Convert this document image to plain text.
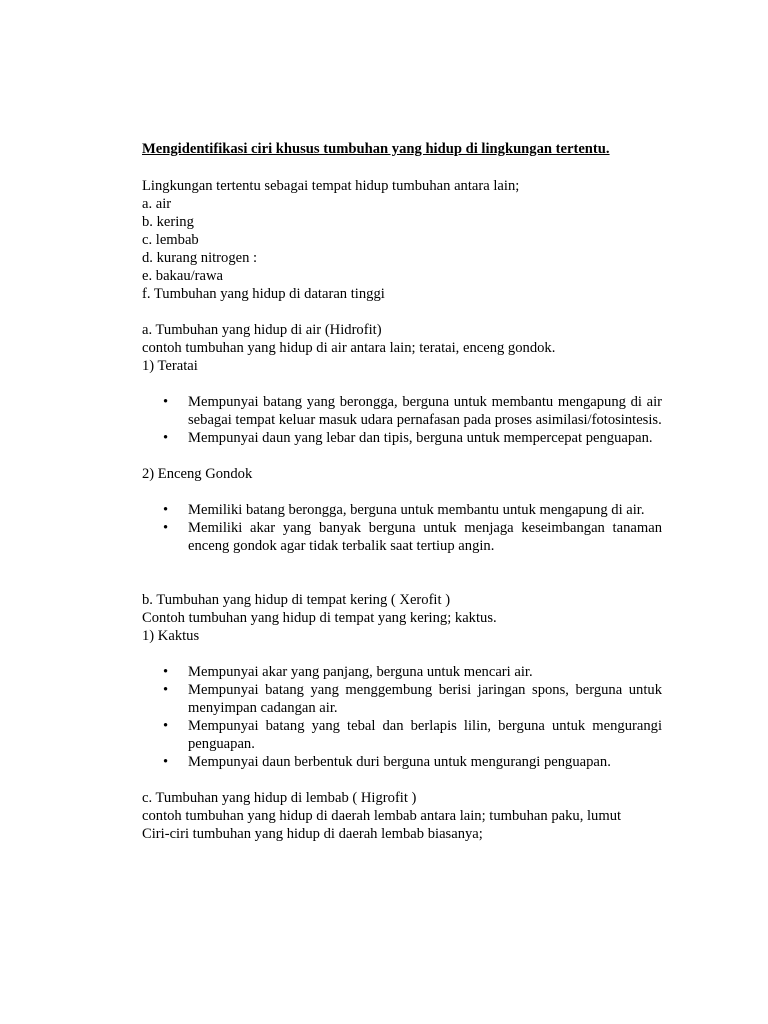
Mengidentifikasi ciri khusus tumbuhan yang hidup di lingkungan tertentu.
Lingkungan tertentu sebagai tempat hidup tumbuhan antara lain;
a. air
b. kering
c. lembab
d. kurang nitrogen :
e. bakau/rawa
f. Tumbuhan yang hidup di dataran tinggi
a. Tumbuhan yang hidup di air (Hidrofit)
contoh tumbuhan yang hidup di air antara lain; teratai, enceng gondok.
1) Teratai
• Mempunyai batang yang berongga, berguna untuk membantu mengapung di air sebagai tempat keluar masuk udara pernafasan pada proses asimilasi/fotosintesis.
• Mempunyai daun yang lebar dan tipis, berguna untuk mempercepat penguapan.
2) Enceng Gondok
• Memiliki batang berongga, berguna untuk membantu untuk mengapung di air.
• Memiliki akar yang banyak berguna untuk menjaga keseimbangan tanaman enceng gondok agar tidak terbalik saat tertiup angin.
b. Tumbuhan yang hidup di tempat kering ( Xerofit )
Contoh tumbuhan yang hidup di tempat yang kering; kaktus.
1) Kaktus
• Mempunyai akar yang panjang, berguna untuk mencari air.
• Mempunyai batang yang menggembung berisi jaringan spons, berguna untuk menyimpan cadangan air.
• Mempunyai batang yang tebal dan berlapis lilin, berguna untuk mengurangi penguapan.
• Mempunyai daun berbentuk duri berguna untuk mengurangi penguapan.
c. Tumbuhan yang hidup di lembab ( Higrofit )
contoh tumbuhan yang hidup di daerah lembab antara lain; tumbuhan paku, lumut
Ciri-ciri tumbuhan yang hidup di daerah lembab biasanya;
